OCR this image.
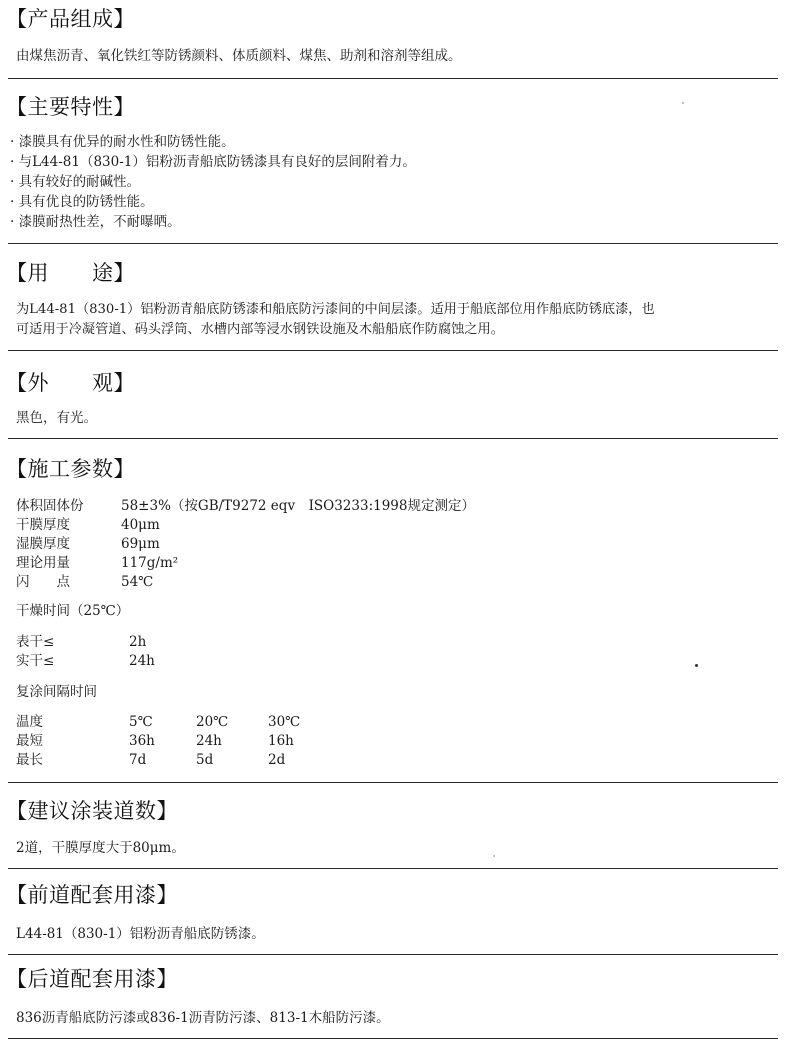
【产品组成】
由煤焦沥青、氧化铁红等防锈颜料、体质颜料、煤焦、助剂和溶剂等组成。
【主要特性】
· 漆膜具有优异的耐水性和防锈性能。
· 与L44-81（830-1）铝粉沥青船底防锈漆具有良好的层间附着力。
· 具有较好的耐碱性。
· 具有优良的防锈性能。
· 漆膜耐热性差，不耐曝晒。
【用　　途】
为L44-81（830-1）铝粉沥青船底防锈漆和船底防污漆间的中间层漆。适用于船底部位用作船底防锈底漆，也
可适用于冷凝管道、码头浮筒、水槽内部等浸水钢铁设施及木船船底作防腐蚀之用。
【外　　观】
黑色，有光。
【施工参数】
体积固体份	58±3%（按GB/T9272 eqv　ISO3233:1998规定测定）
干膜厚度	40μm
湿膜厚度	69μm
理论用量	117g/m²
闪　　点	54℃
干燥时间（25℃）
表干≤	2h
实干≤	24h
复涂间隔时间
温度	5℃	20℃	30℃
最短	36h	24h	16h
最长	7d	5d	2d
【建议涂装道数】
2道，干膜厚度大于80μm。
【前道配套用漆】
L44-81（830-1）铝粉沥青船底防锈漆。
【后道配套用漆】
836沥青船底防污漆或836-1沥青防污漆、813-1木船防污漆。
